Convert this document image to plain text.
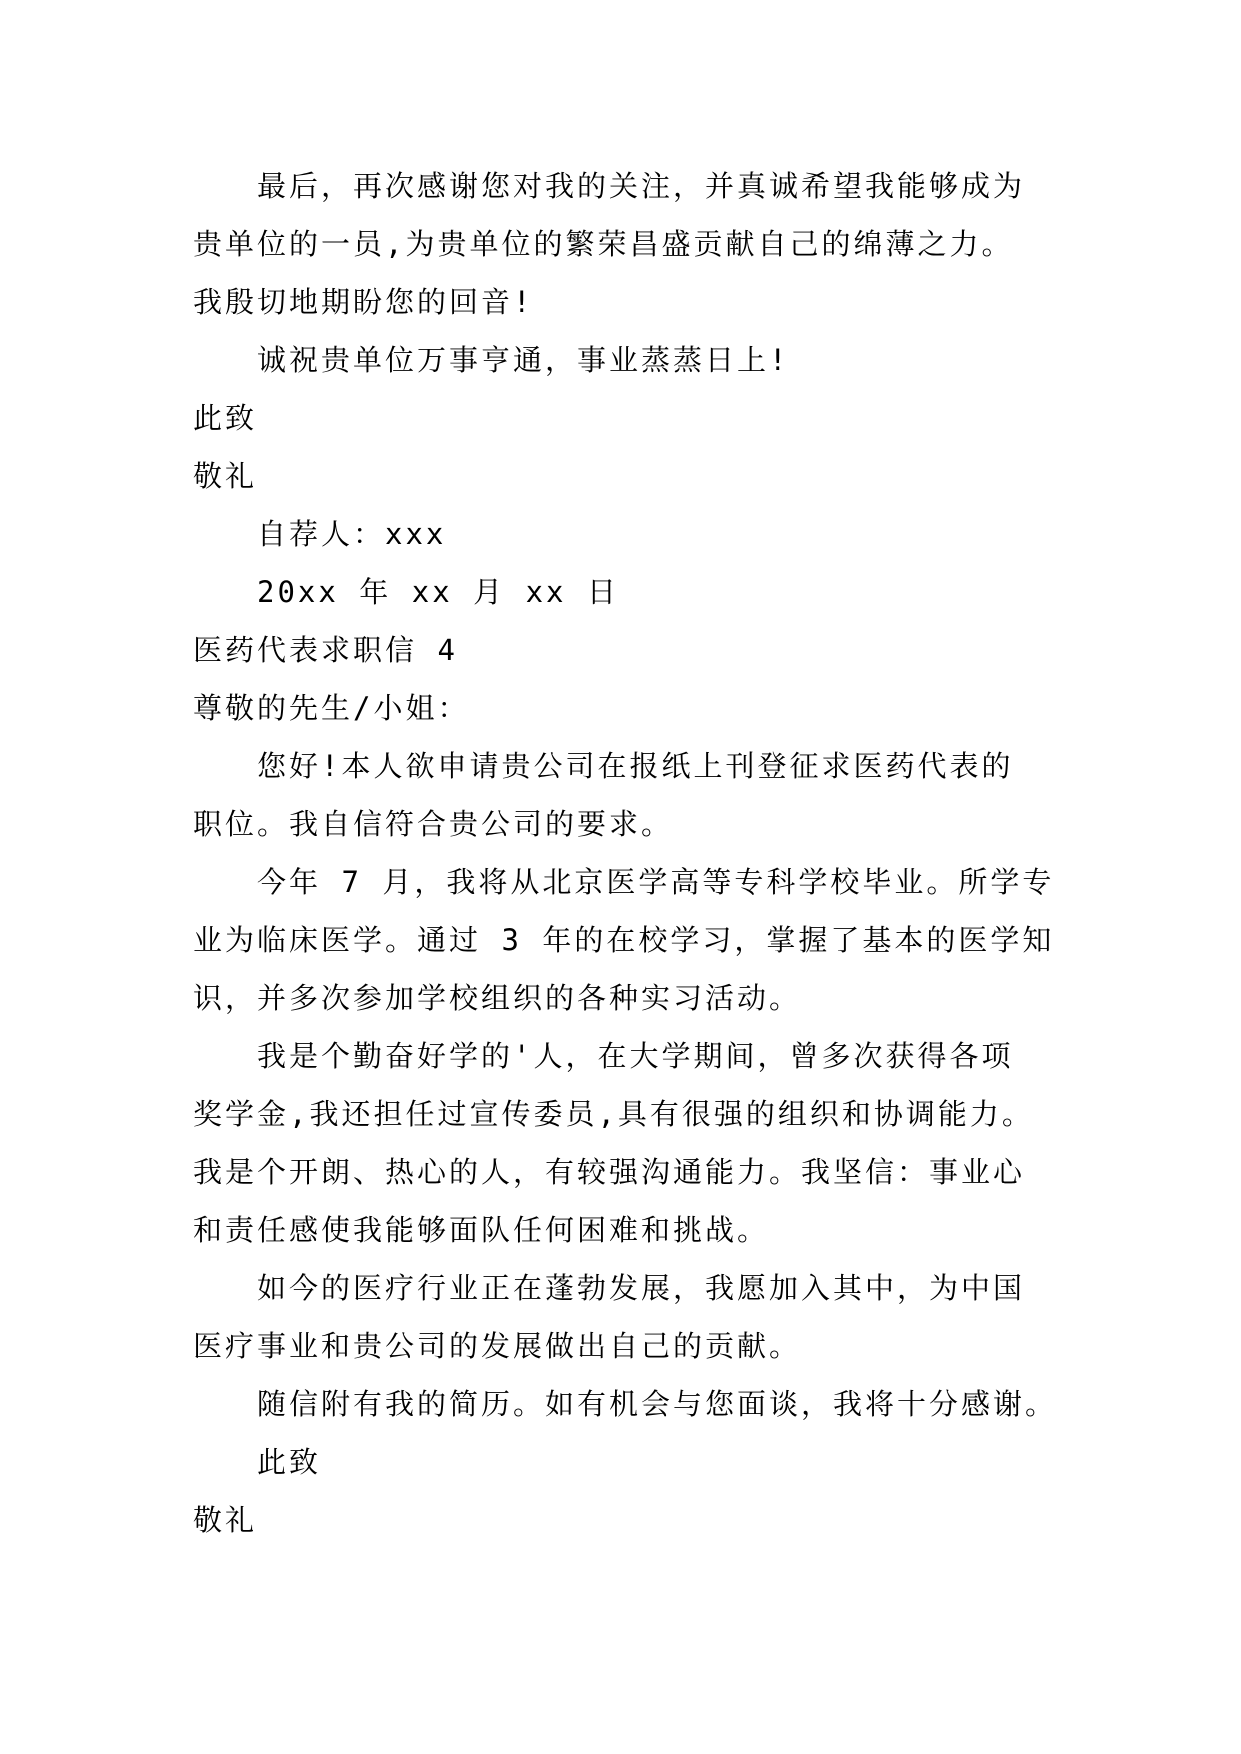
最后，再次感谢您对我的关注，并真诚希望我能够成为
贵单位的一员,为贵单位的繁荣昌盛贡献自己的绵薄之力。
我殷切地期盼您的回音!
诚祝贵单位万事亨通，事业蒸蒸日上!
此致
敬礼
自荐人：xxx
20xx 年 xx 月 xx 日
医药代表求职信 4
尊敬的先生/小姐：
您好!本人欲申请贵公司在报纸上刊登征求医药代表的
职位。我自信符合贵公司的要求。
今年 7 月，我将从北京医学高等专科学校毕业。所学专
业为临床医学。通过 3 年的在校学习，掌握了基本的医学知
识，并多次参加学校组织的各种实习活动。
我是个勤奋好学的'人，在大学期间，曾多次获得各项
奖学金,我还担任过宣传委员,具有很强的组织和协调能力。
我是个开朗、热心的人，有较强沟通能力。我坚信：事业心
和责任感使我能够面队任何困难和挑战。
如今的医疗行业正在蓬勃发展，我愿加入其中，为中国
医疗事业和贵公司的发展做出自己的贡献。
随信附有我的简历。如有机会与您面谈，我将十分感谢。
此致
敬礼
